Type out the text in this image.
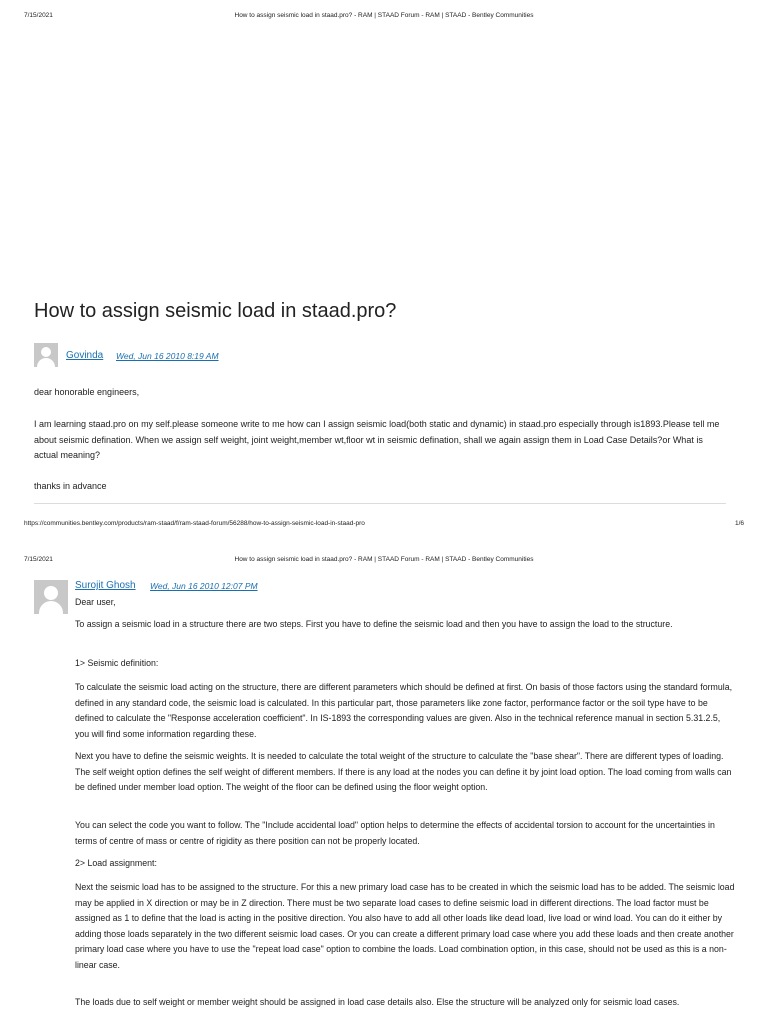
7/15/2021	How to assign seismic load in staad.pro? - RAM | STAAD Forum - RAM | STAAD - Bentley Communities
How to assign seismic load in staad.pro?
Govinda Wed, Jun 16 2010 8:19 AM

dear honorable engineers,

I am learning staad.pro on my self.please someone write to me how can I assign seismic load(both static and dynamic) in staad.pro especially through is1893.Please tell me about seismic defination. When we assign self weight, joint weight,member wt,floor wt in seismic defination, shall we again assign them in Load Case Details?or What is actual meaning?

thanks in advance

https://communities.bentley.com/products/ram-staad/f/ram-staad-forum/56288/how-to-assign-seismic-load-in-staad-pro	1/6
7/15/2021	How to assign seismic load in staad.pro? - RAM | STAAD Forum - RAM | STAAD - Bentley Communities
Surojit Ghosh Wed, Jun 16 2010 12:07 PM

Dear user,

To assign a seismic load in a structure there are two steps. First you have to define the seismic load and then you have to assign the load to the structure.

1> Seismic definition:

To calculate the seismic load acting on the structure, there are different parameters which should be defined at first. On basis of those factors using the standard formula, defined in any standard code, the seismic load is calculated. In this particular part, those parameters like zone factor, performance factor or the soil type have to be defined to calculate the "Response acceleration coefficient". In IS-1893 the corresponding values are given. Also in the technical reference manual in section 5.31.2.5, you will find some information regarding these.

Next you have to define the seismic weights. It is needed to calculate the total weight of the structure to calculate the "base shear". There are different types of loading. The self weight option defines the self weight of different members. If there is any load at the nodes you can define it by joint load option. The load coming from walls can be defined under member load option. The weight of the floor can be defined using the floor weight option.

You can select the code you want to follow. The "Include accidental load" option helps to determine the effects of accidental torsion to account for the uncertainties in terms of centre of mass or centre of rigidity as there position can not be properly located.

2> Load assignment:

Next the seismic load has to be assigned to the structure. For this a new primary load case has to be created in which the seismic load has to be added. The seismic load may be applied in X direction or may be in Z direction. There must be two separate load cases to define seismic load in different directions. The load factor must be assigned as 1 to define that the load is acting in the positive direction. You also have to add all other loads like dead load, live load or wind load. You can do it either by adding those loads separately in the two different seismic load cases. Or you can create a different primary load case where you add these loads and then create another primary load case where you have to use the "repeat load case" option to combine the loads. Load combination option, in this case, should not be used as this is a non-linear case.

The loads due to self weight or member weight should be assigned in load case details also. Else the structure will be analyzed only for seismic load cases.
